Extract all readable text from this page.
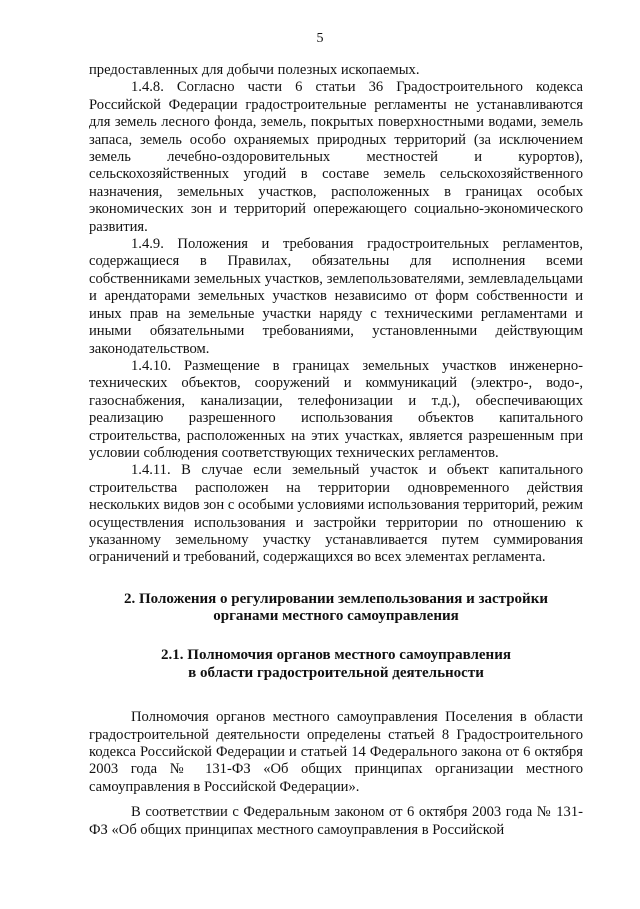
5

предоставленных для добычи полезных ископаемых.

1.4.8. Согласно части 6 статьи 36 Градостроительного кодекса Российской Федерации градостроительные регламенты не устанавливаются для земель лесного фонда, земель, покрытых поверхностными водами, земель запаса, земель особо охраняемых природных территорий (за исключением земель лечебно-оздоровительных местностей и курортов), сельскохозяйственных угодий в составе земель сельскохозяйственного назначения, земельных участков, расположенных в границах особых экономических зон и территорий опережающего социально-экономического развития.

1.4.9. Положения и требования градостроительных регламентов, содержащиеся в Правилах, обязательны для исполнения всеми собственниками земельных участков, землепользователями, землевладельцами и арендаторами земельных участков независимо от форм собственности и иных прав на земельные участки наряду с техническими регламентами и иными обязательными требованиями, установленными действующим законодательством.

1.4.10. Размещение в границах земельных участков инженерно-технических объектов, сооружений и коммуникаций (электро-, водо-, газоснабжения, канализации, телефонизации и т.д.), обеспечивающих реализацию разрешенного использования объектов капитального строительства, расположенных на этих участках, является разрешенным при условии соблюдения соответствующих технических регламентов.

1.4.11. В случае если земельный участок и объект капитального строительства расположен на территории одновременного действия нескольких видов зон с особыми условиями использования территорий, режим осуществления использования и застройки территории по отношению к указанному земельному участку устанавливается путем суммирования ограничений и требований, содержащихся во всех элементах регламента.

2. Положения о регулировании землепользования и застройки
органами местного самоуправления

2.1. Полномочия органов местного самоуправления
в области градостроительной деятельности

Полномочия органов местного самоуправления Поселения в области градостроительной деятельности определены статьей 8 Градостроительного кодекса Российской Федерации и статьей 14 Федерального закона от 6 октября 2003 года № 131-ФЗ «Об общих принципах организации местного самоуправления в Российской Федерации».

В соответствии с Федеральным законом от 6 октября 2003 года № 131-ФЗ «Об общих принципах местного самоуправления в Российской
